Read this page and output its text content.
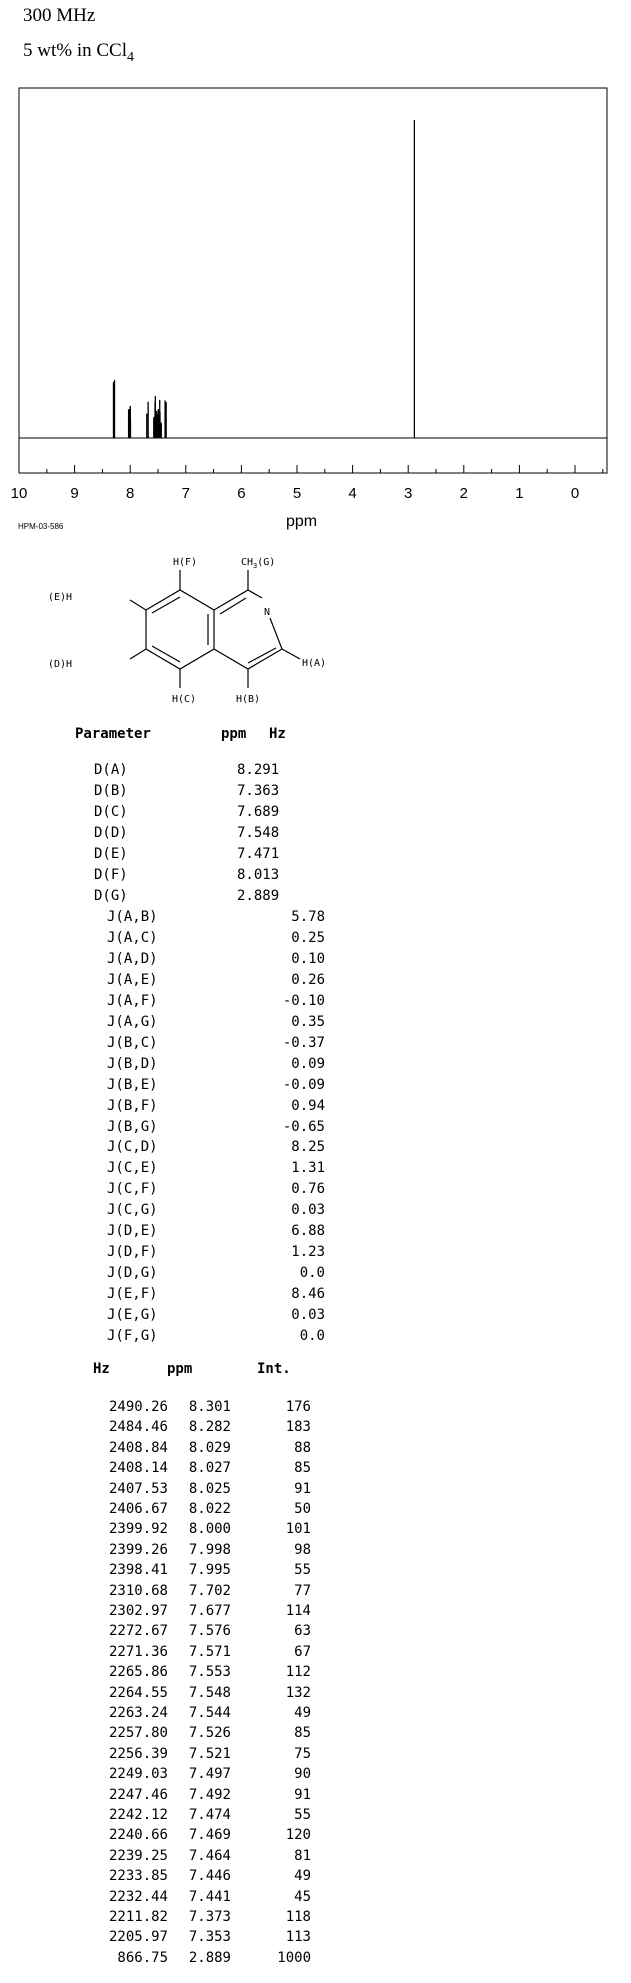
300 MHz
5 wt% in CCl$_4$
10	9	8	7	6	5	4	3	2	1	0
HPM-03-586	ppm
H(F)	$CH_3(G)$
(E)H
N
(D)H	H(A)
H(C)	H(B)
Parameter	ppm Hz
D(A)	8.291
D(B)	7.363
D(C)	7.689
D(D)	7.548
D(E)	7.471
D(F)	8.013
D(G)	2.889
J(A,B)	5.78
J(A,C)	0.25
J(A,D)	0.10
J(A,E)	0.26
J(A,F)	-0.10
J(A,G)	0.35
J(B,C)	-0.37
J(B,D)	0.09
J(B,E)	-0.09
J(B,F)	0.94
J(B,G)	-0.65
J(C,D)	8.25
J(C,E)	1.31
J(C,F)	0.76
J(C,G)	0.03
J(D,E)	6.88
J(D,F)	1.23
J(D,G)	0.0
J(E,F)	8.46
J(E,G)	0.03
J(F,G)	0.0
Hz	ppm	Int.
2490.26	8.301	176
2484.46	8.282	183
2408.84	8.029	88
2408.14	8.027	85
2407.53	8.025	91
2406.67	8.022	50
2399.92	8.000	101
2399.26	7.998	98
2398.41	7.995	55
2310.68	7.702	77
2302.97	7.677	114
2272.67	7.576	63
2271.36	7.571	67
2265.86	7.553	112
2264.55	7.548	132
2263.24	7.544	49
2257.80	7.526	85
2256.39	7.521	75
2249.03	7.497	90
2247.46	7.492	91
2242.12	7.474	55
2240.66	7.469	120
2239.25	7.464	81
2233.85	7.446	49
2232.44	7.441	45
2211.82	7.373	118
2205.97	7.353	113
866.75	2.889	1000
